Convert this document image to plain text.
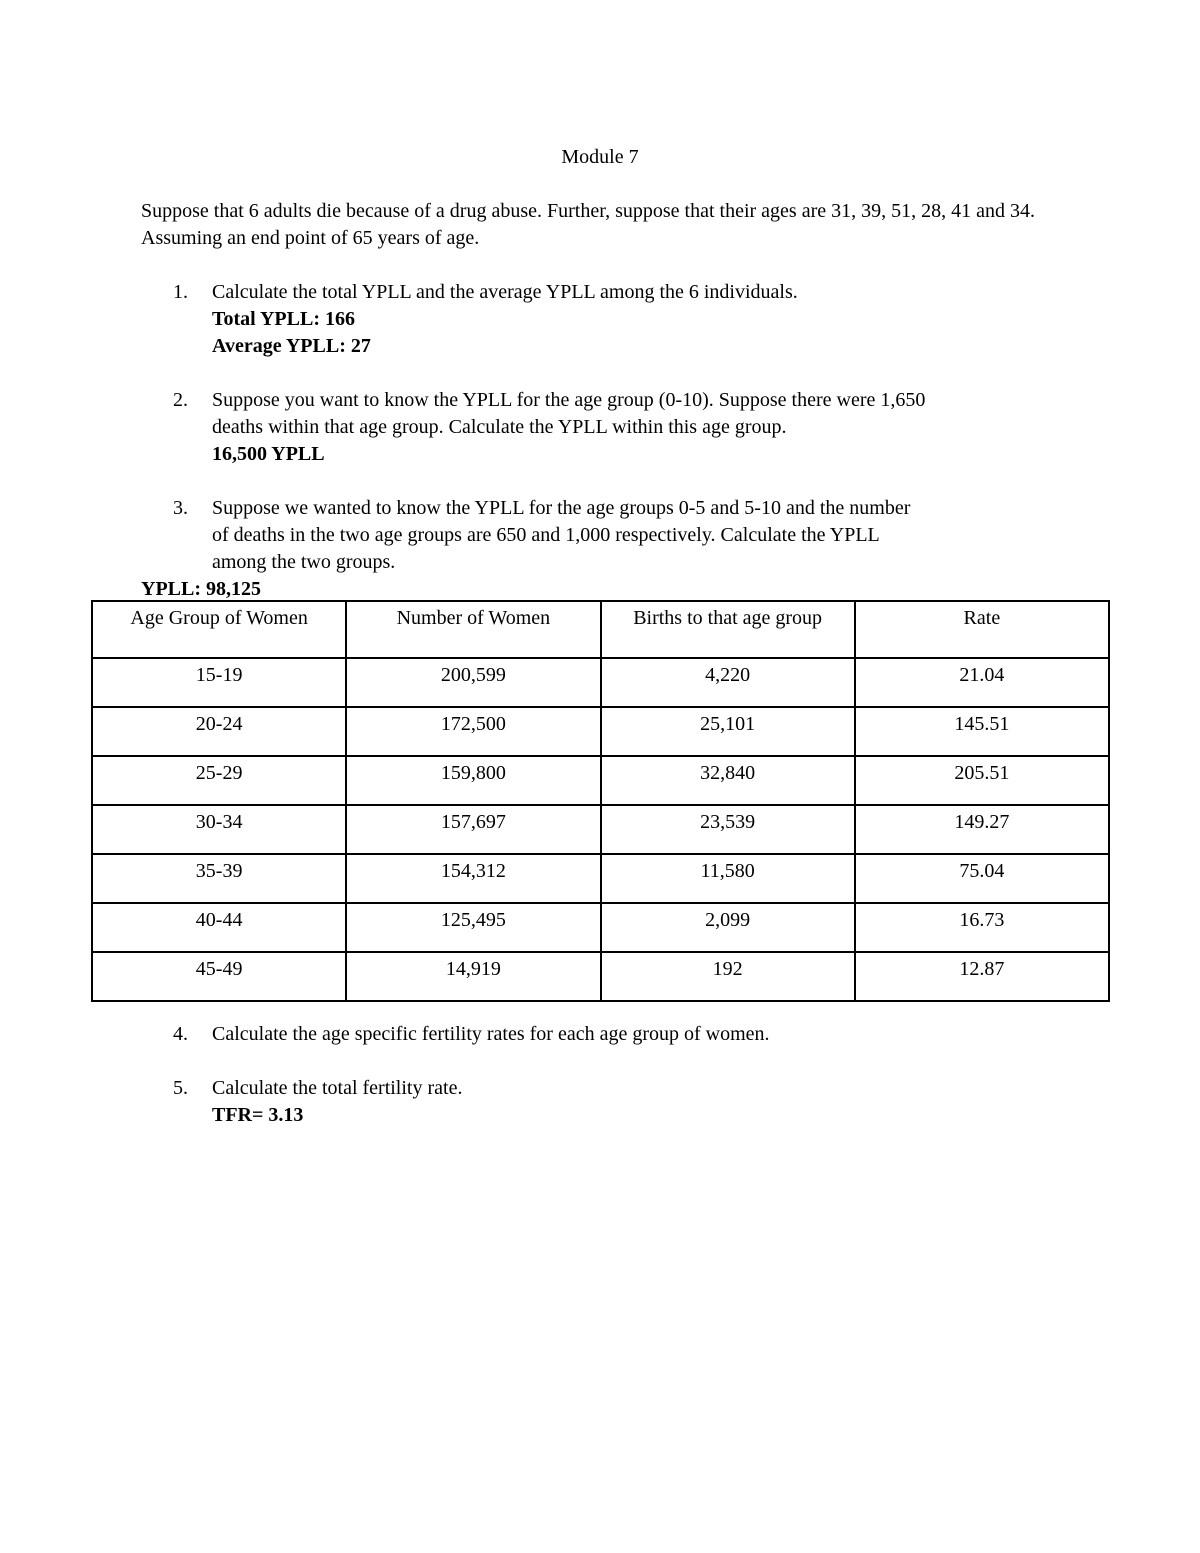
Module 7

Suppose that 6 adults die because of a drug abuse. Further, suppose that their ages are 31, 39, 51, 28, 41 and 34. Assuming an end point of 65 years of age.

1.	Calculate the total YPLL and the average YPLL among the 6 individuals.
Total YPLL: 166
Average YPLL: 27
2.	Suppose you want to know the YPLL for the age group (0-10). Suppose there were 1,650
deaths within that age group. Calculate the YPLL within this age group.
16,500 YPLL
3.	Suppose we wanted to know the YPLL for the age groups 0-5 and 5-10 and the number
of deaths in the two age groups are 650 and 1,000 respectively. Calculate the YPLL
among the two groups.
YPLL: 98,125
Age Group of Women	Number of Women	Births to that age group	Rate
15-19	200,599	4,220	21.04
20-24	172,500	25,101	145.51
25-29	159,800	32,840	205.51
30-34	157,697	23,539	149.27
35-39	154,312	11,580	75.04
40-44	125,495	2,099	16.73
45-49	14,919	192	12.87
4.	Calculate the age specific fertility rates for each age group of women.
5.	Calculate the total fertility rate.
TFR= 3.13
